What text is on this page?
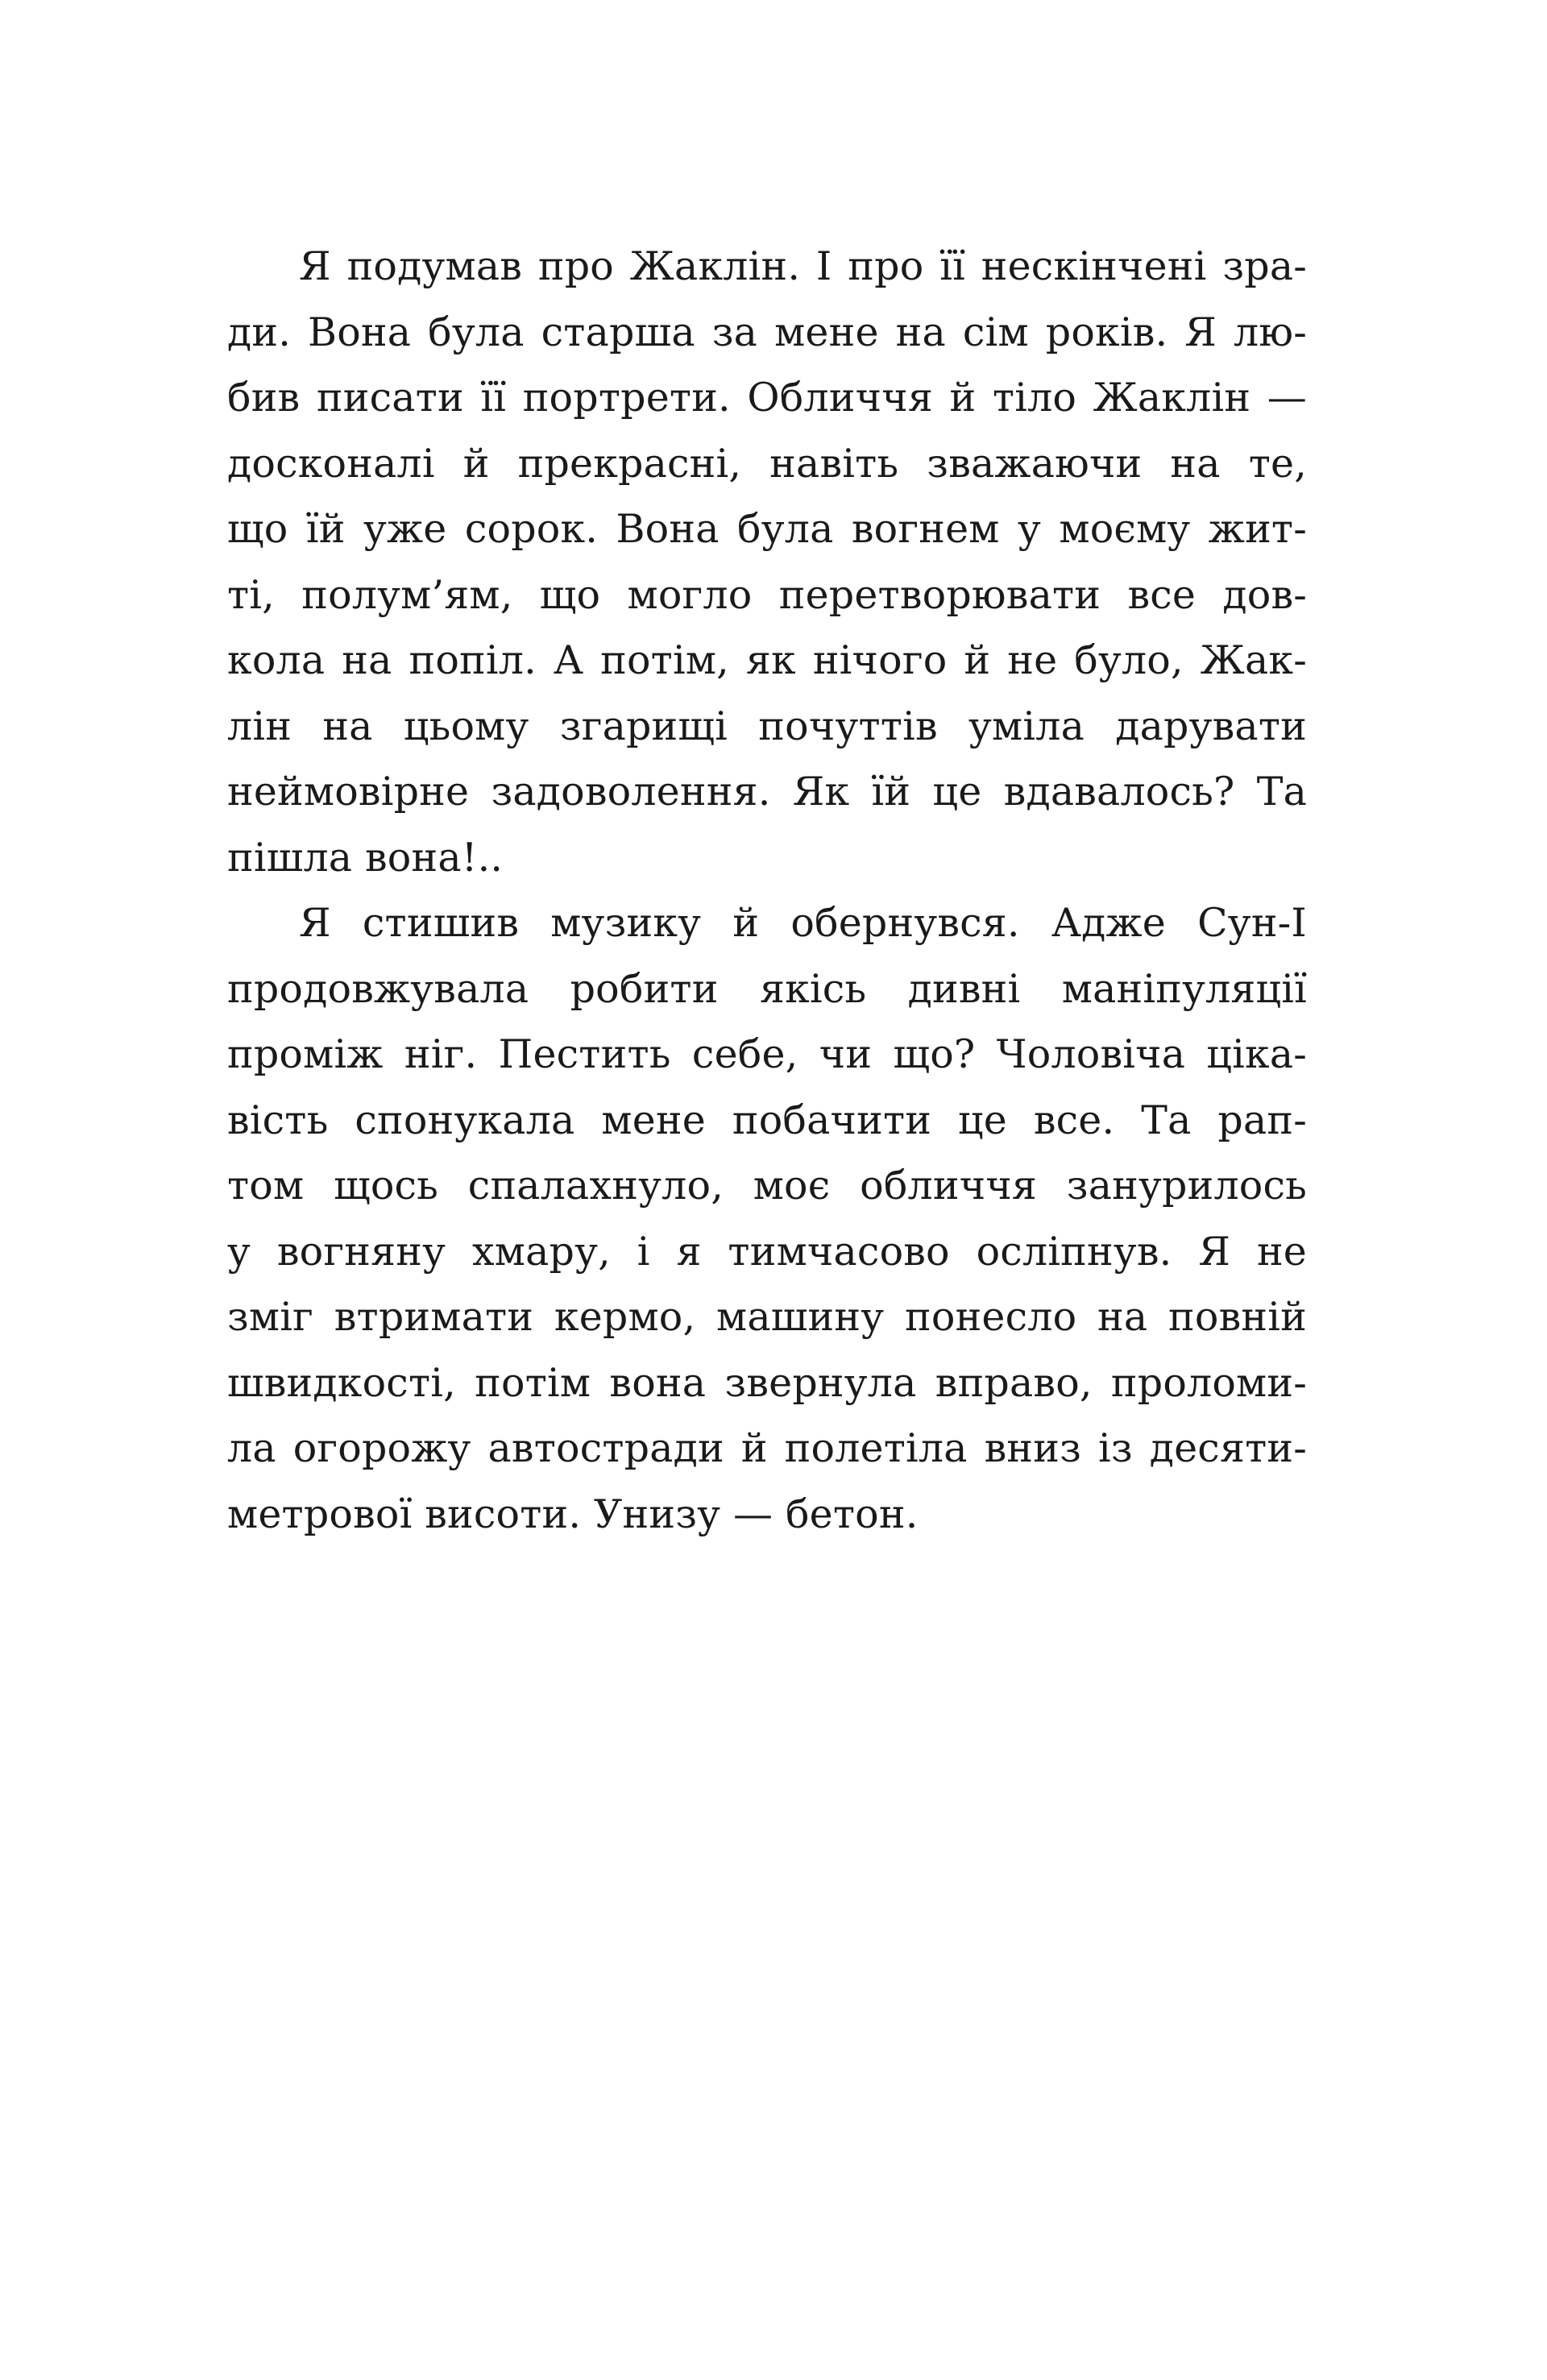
Я подумав про Жаклін. І про її нескінчені зра-
ди. Вона була старша за мене на сім років. Я лю-
бив писати її портрети. Обличчя й тіло Жаклін —
досконалі й прекрасні, навіть зважаючи на те,
що їй уже сорок. Вона була вогнем у моєму жит-
ті, полум’ям, що могло перетворювати все дов-
кола на попіл. А потім, як нічого й не було, Жак-
лін на цьому згарищі почуттів уміла дарувати
неймовірне задоволення. Як їй це вдавалось? Та
пішла вона!..
Я стишив музику й обернувся. Адже Сун-І
продовжувала робити якісь дивні маніпуляції
проміж ніг. Пестить себе, чи що? Чоловіча ціка-
вість спонукала мене побачити це все. Та рап-
том щось спалахнуло, моє обличчя занурилось
у вогняну хмару, і я тимчасово осліпнув. Я не
зміг втримати кермо, машину понесло на повній
швидкості, потім вона звернула вправо, проломи-
ла огорожу автостради й полетіла вниз із десяти-
метрової висоти. Унизу — бетон.
